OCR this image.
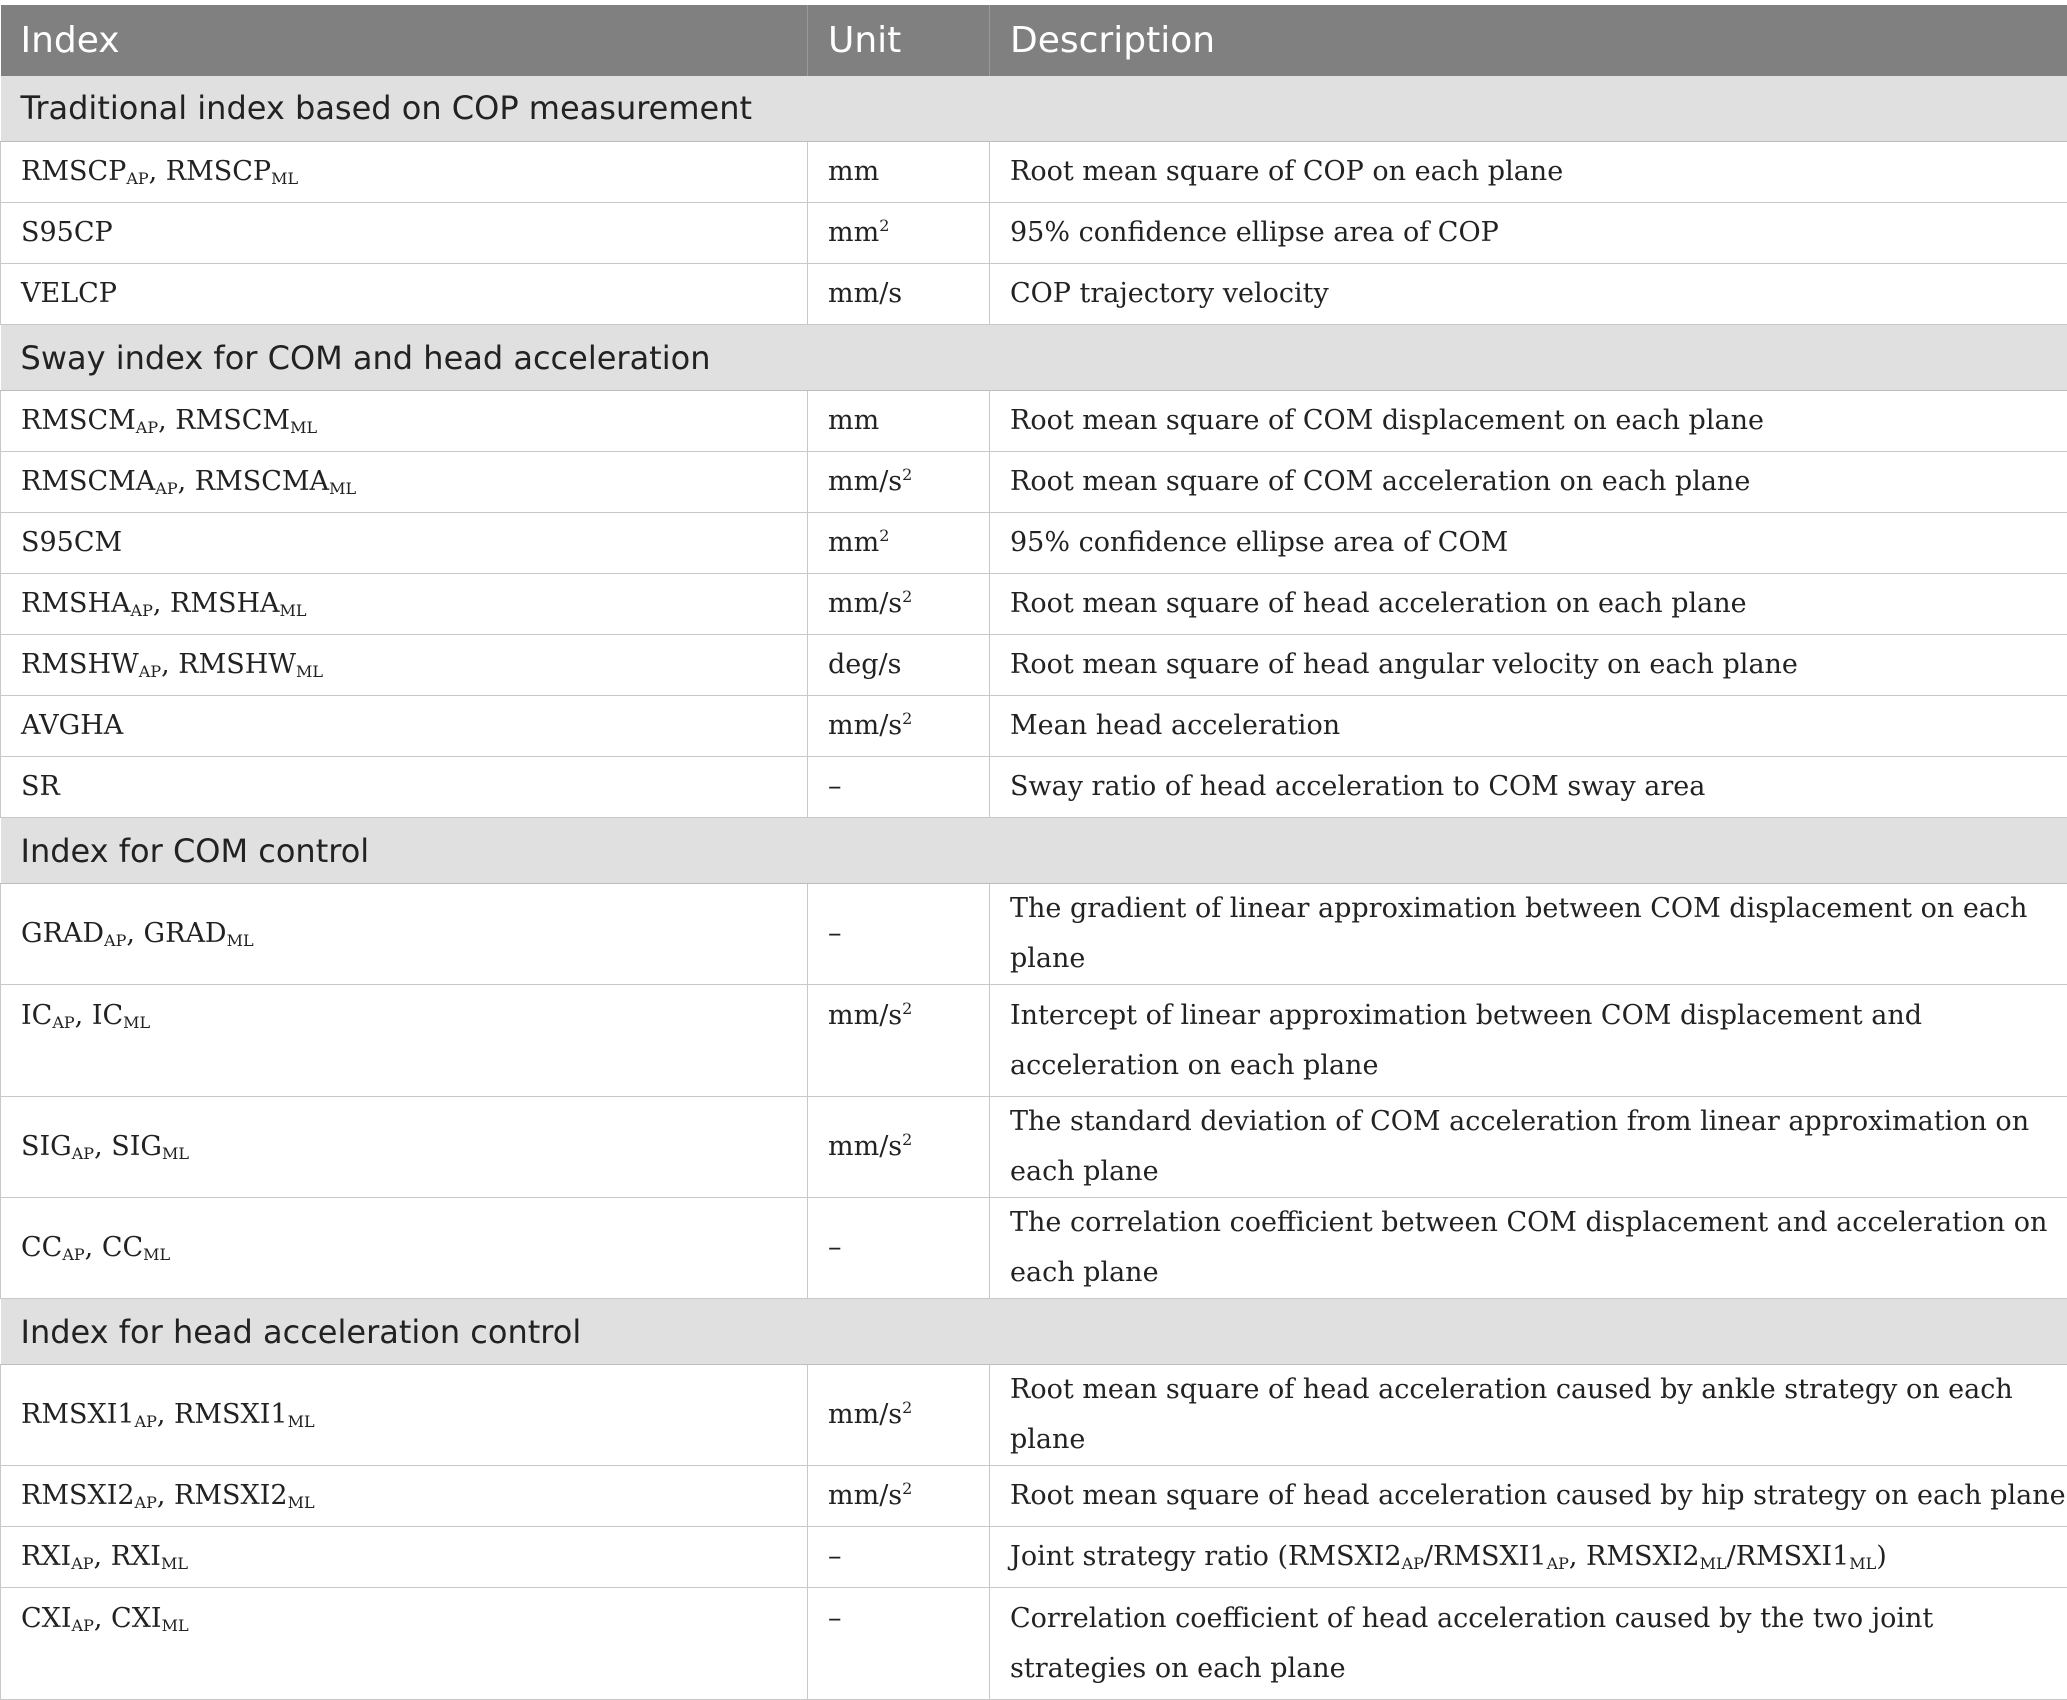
Index	Unit	Description
Traditional index based on COP measurement		
$RMSCP_{AP}$, $RMSCP_{ML}$	mm	Root mean square of COP on each plane
S95CP	$mm^2$	95% confidence ellipse area of COP
VELCP	mm/s	COP trajectory velocity
Sway index for COM and head acceleration		
$RMSCM_{AP}$, $RMSCM_{ML}$	mm	Root mean square of COM displacement on each plane
$RMSCMA_{AP}$, $RMSCMA_{ML}$	$mm/s^2$	Root mean square of COM acceleration on each plane
S95CM	$mm^2$	95% confidence ellipse area of COM
$RMSHA_{AP}$, $RMSHA_{ML}$	$mm/s^2$	Root mean square of head acceleration on each plane
$RMSHW_{AP}$, $RMSHW_{ML}$	deg/s	Root mean square of head angular velocity on each plane
AVGHA	$mm/s^2$	Mean head acceleration
SR	–	Sway ratio of head acceleration to COM sway area
Index for COM control		
$GRAD_{AP}$, $GRAD_{ML}$	–	The gradient of linear approximation between COM displacement on each plane
$IC_{AP}$, $IC_{ML}$	$mm/s^2$	Intercept of linear approximation between COM displacement and acceleration on each plane
$SIG_{AP}$, $SIG_{ML}$	$mm/s^2$	The standard deviation of COM acceleration from linear approximation on each plane
$CC_{AP}$, $CC_{ML}$	–	The correlation coefficient between COM displacement and acceleration on each plane
Index for head acceleration control		
$RMSXI1_{AP}$, $RMSXI1_{ML}$	$mm/s^2$	Root mean square of head acceleration caused by ankle strategy on each plane
$RMSXI2_{AP}$, $RMSXI2_{ML}$	$mm/s^2$	Root mean square of head acceleration caused by hip strategy on each plane
$RXI_{AP}$, $RXI_{ML}$	–	Joint strategy ratio ($RMSXI2_{AP}/RMSXI1_{AP}$, $RMSXI2_{ML}/RMSXI1_{ML}$)
$CXI_{AP}$, $CXI_{ML}$	–	Correlation coefficient of head acceleration caused by the two joint strategies on each plane
